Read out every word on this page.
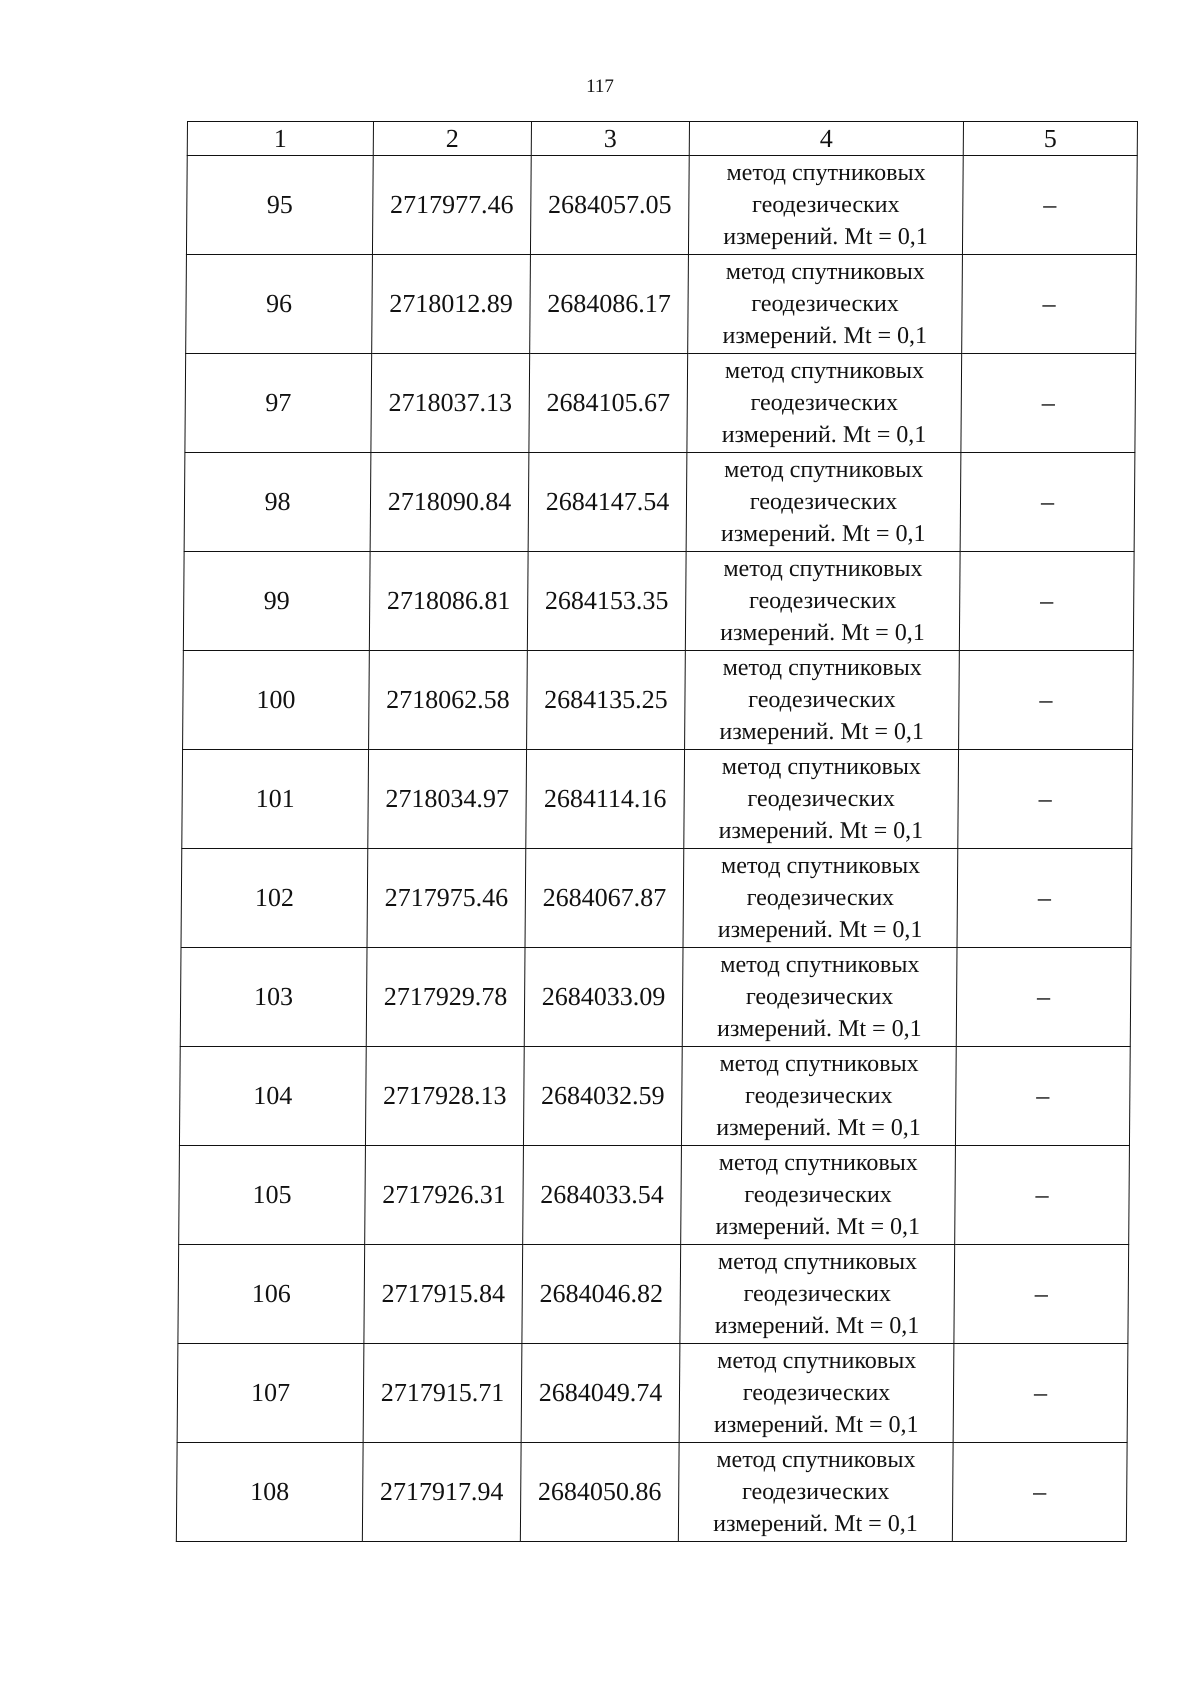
117
1	2	3	4	5
95	2717977.46	2684057.05	метод спутниковых
геодезических
измерений. Mt = 0,1	–
96	2718012.89	2684086.17	метод спутниковых
геодезических
измерений. Mt = 0,1	–
97	2718037.13	2684105.67	метод спутниковых
геодезических
измерений. Mt = 0,1	–
98	2718090.84	2684147.54	метод спутниковых
геодезических
измерений. Mt = 0,1	–
99	2718086.81	2684153.35	метод спутниковых
геодезических
измерений. Mt = 0,1	–
100	2718062.58	2684135.25	метод спутниковых
геодезических
измерений. Mt = 0,1	–
101	2718034.97	2684114.16	метод спутниковых
геодезических
измерений. Mt = 0,1	–
102	2717975.46	2684067.87	метод спутниковых
геодезических
измерений. Mt = 0,1	–
103	2717929.78	2684033.09	метод спутниковых
геодезических
измерений. Mt = 0,1	–
104	2717928.13	2684032.59	метод спутниковых
геодезических
измерений. Mt = 0,1	–
105	2717926.31	2684033.54	метод спутниковых
геодезических
измерений. Mt = 0,1	–
106	2717915.84	2684046.82	метод спутниковых
геодезических
измерений. Mt = 0,1	–
107	2717915.71	2684049.74	метод спутниковых
геодезических
измерений. Mt = 0,1	–
108	2717917.94	2684050.86	метод спутниковых
геодезических
измерений. Mt = 0,1	–
